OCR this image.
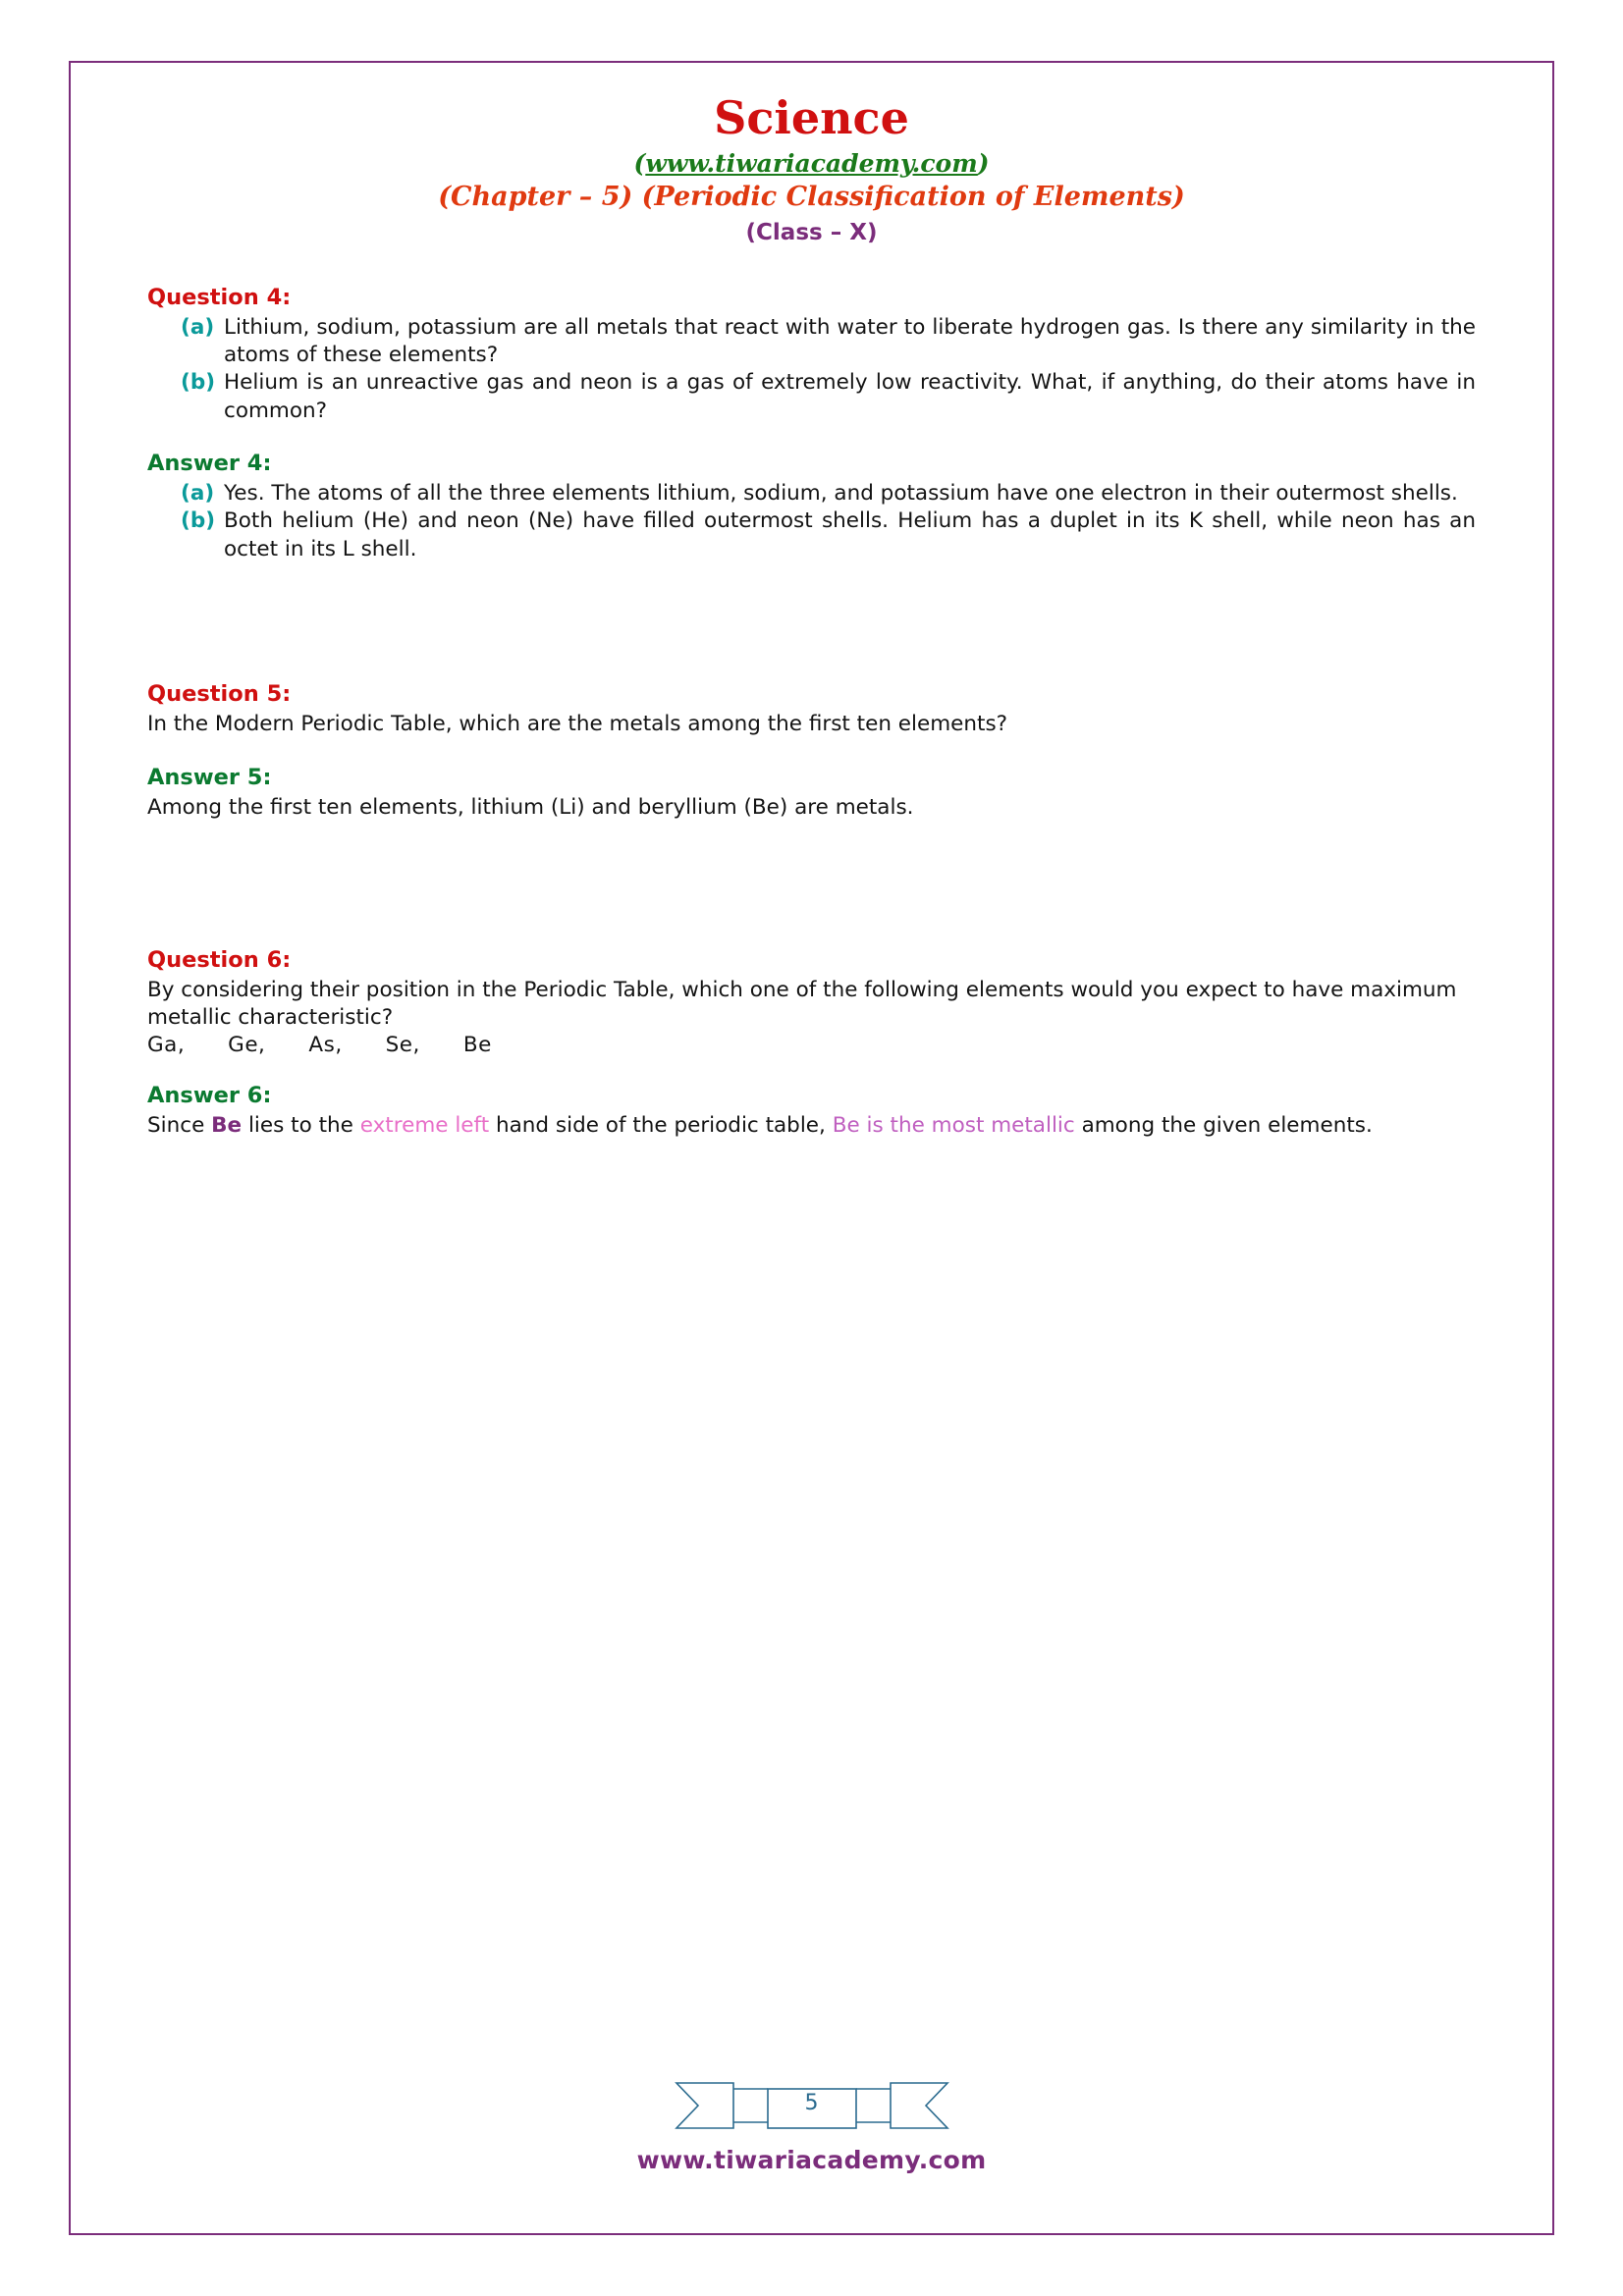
Science
(www.tiwariacademy.com)
(Chapter – 5) (Periodic Classification of Elements)
(Class – X)
Question 4:
(a) Lithium, sodium, potassium are all metals that react with water to liberate hydrogen gas. Is there any similarity in the atoms of these elements?
(b) Helium is an unreactive gas and neon is a gas of extremely low reactivity. What, if anything, do their atoms have in common?
Answer 4:
(a) Yes. The atoms of all the three elements lithium, sodium, and potassium have one electron in their outermost shells.
(b) Both helium (He) and neon (Ne) have filled outermost shells. Helium has a duplet in its K shell, while neon has an octet in its L shell.
Question 5:
In the Modern Periodic Table, which are the metals among the first ten elements?
Answer 5:
Among the first ten elements, lithium (Li) and beryllium (Be) are metals.
Question 6:
By considering their position in the Periodic Table, which one of the following elements would you expect to have maximum metallic characteristic?
Ga, Ge, As, Se, Be
Answer 6:
Since Be lies to the extreme left hand side of the periodic table, Be is the most metallic among the given elements.
5
www.tiwariacademy.com
